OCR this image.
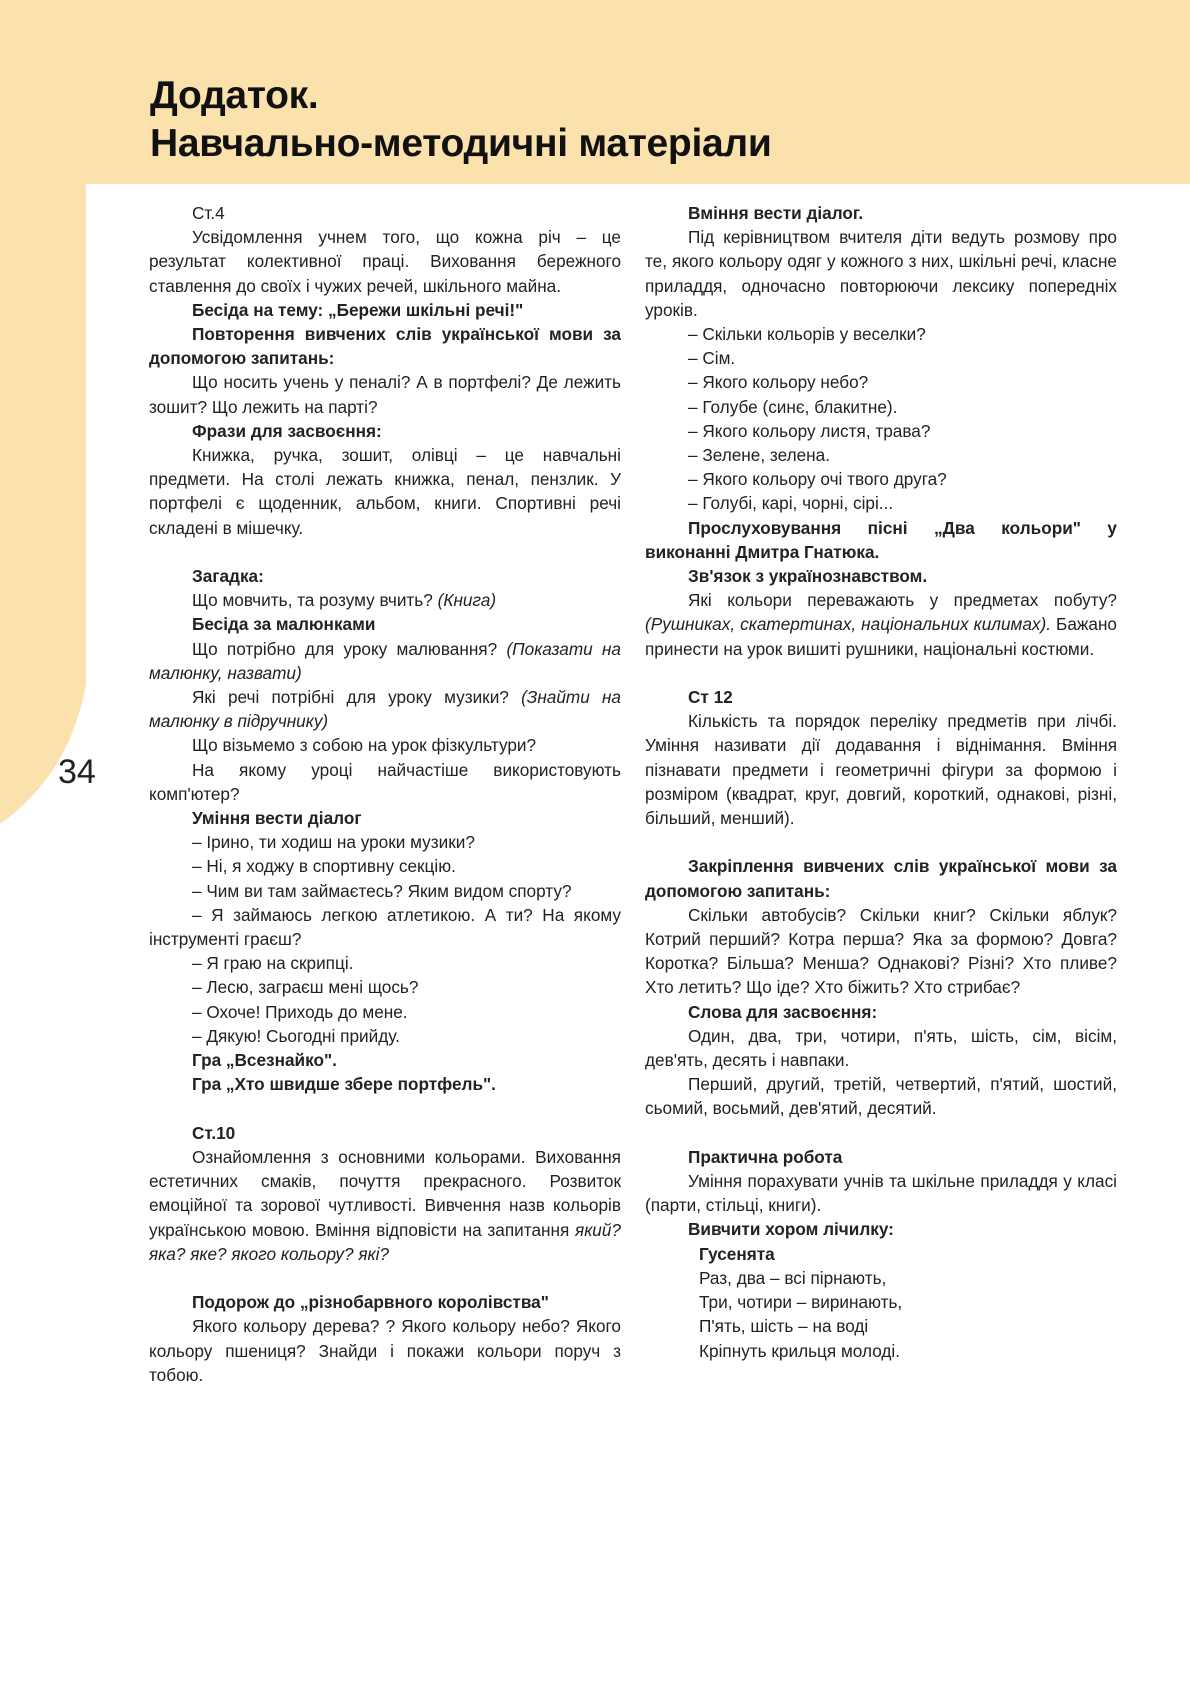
Додаток.
Навчально-методичні матеріали
34

Ст.4

Усвідомлення учнем того, що кожна річ – це результат колективної праці. Виховання бережного ставлення до своїх і чужих речей, шкільного майна.

Бесіда на тему: „Бережи шкільні речі!"

Повторення вивчених слів української мови за допомогою запитань:

Що носить учень у пеналі? А в портфелі? Де лежить зошит? Що лежить на парті?

Фрази для засвоєння:

Книжка, ручка, зошит, олівці – це навчальні предмети. На столі лежать книжка, пенал, пензлик. У портфелі є щоденник, альбом, книги. Спортивні речі складені в мішечку.

Загадка:

Що мовчить, та розуму вчить? (Книга)

Бесіда за малюнками

Що потрібно для уроку малювання? (Показати на малюнку, назвати)

Які речі потрібні для уроку музики? (Знайти на малюнку в підручнику)

Що візьмемо з собою на урок фізкультури?

На якому уроці найчастіше використовують комп'ютер?

Уміння вести діалог

– Ірино, ти ходиш на уроки музики?

– Ні, я ходжу в спортивну секцію.

– Чим ви там займаєтесь? Яким видом спорту?

– Я займаюсь легкою атлетикою. А ти? На якому інструменті граєш?

– Я граю на скрипці.

– Лесю, заграєш мені щось?

– Охоче! Приходь до мене.

– Дякую! Сьогодні прийду.

Гра „Всезнайко".

Гра „Хто швидше збере портфель".

Ст.10

Ознайомлення з основними кольорами. Виховання естетичних смаків, почуття прекрасного. Розвиток емоційної та зорової чутливості. Вивчення назв кольорів українською мовою. Вміння відповісти на запитання який? яка? яке? якого кольору? які?

Подорож до „різнобарвного королівства"

Якого кольору дерева? ? Якого кольору небо? Якого кольору пшениця? Знайди і покажи кольори поруч з тобою.

Вміння вести діалог.

Під керівництвом вчителя діти ведуть розмову про те, якого кольору одяг у кожного з них, шкільні речі, класне приладдя, одночасно повторюючи лексику попередніх уроків.

– Скільки кольорів у веселки?

– Сім.

– Якого кольору небо?

– Голубе (синє, блакитне).

– Якого кольору листя, трава?

– Зелене, зелена.

– Якого кольору очі твого друга?

– Голубі, карі, чорні, сірі...

Прослуховування пісні „Два кольори" у виконанні Дмитра Гнатюка.

Зв'язок з українознавством.

Які кольори переважають у предметах побуту? (Рушниках, скатертинах, національних килимах). Бажано принести на урок вишиті рушники, національні костюми.

Ст 12

Кількість та порядок переліку предметів при лічбі. Уміння називати дії додавання і віднімання. Вміння пізнавати предмети і геометричні фігури за формою і розміром (квадрат, круг, довгий, короткий, однакові, різні, більший, менший).

Закріплення вивчених слів української мови за допомогою запитань:

Скільки автобусів? Скільки книг? Скільки яблук? Котрий перший? Котра перша? Яка за формою? Довга? Коротка? Більша? Менша? Однакові? Різні? Хто пливе? Хто летить? Що іде? Хто біжить? Хто стрибає?

Слова для засвоєння:

Один, два, три, чотири, п'ять, шість, сім, вісім, дев'ять, десять і навпаки.

Перший, другий, третій, четвертий, п'ятий, шостий, сьомий, восьмий, дев'ятий, десятий.

Практична робота

Уміння порахувати учнів та шкільне приладдя у класі (парти, стільці, книги).

Вивчити хором лічилку:

Гусенята

Раз, два – всі пірнають,

Три, чотири – виринають,

П'ять, шість – на воді

Кріпнуть крильця молоді.
